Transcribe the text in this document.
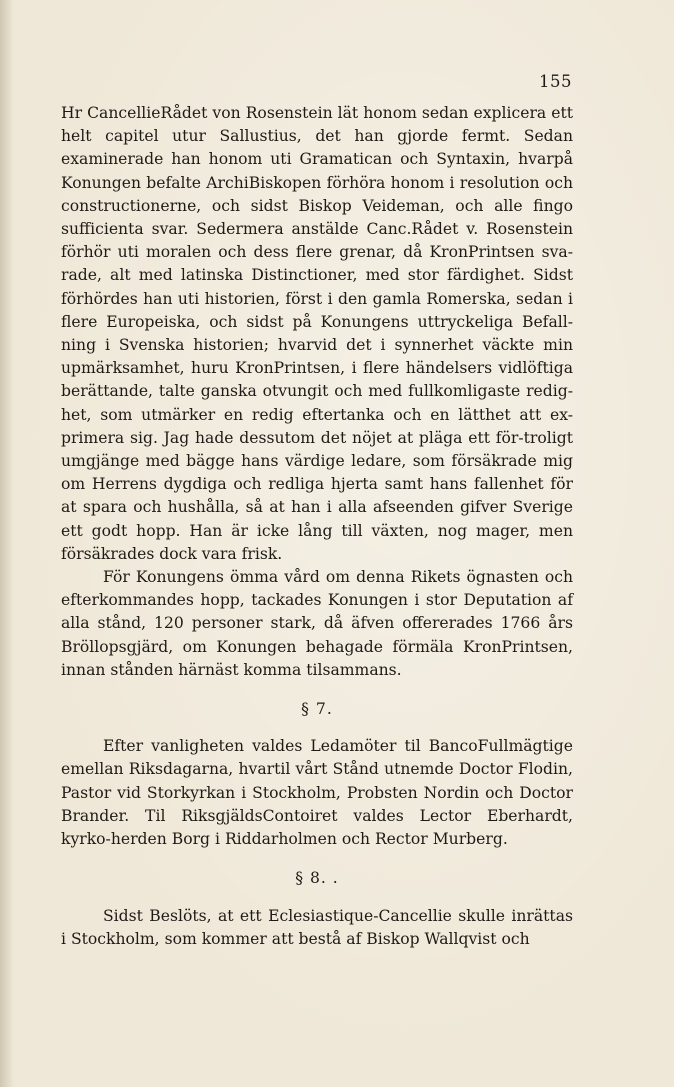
155

Hr CancellieRådet von Rosenstein lät honom sedan explicera ett helt capitel utur Sallustius, det han gjorde fermt. Sedan examinerade han honom uti Gramatican och Syntaxin, hvarpå Konungen befalte ArchiBiskopen förhöra honom i resolution och constructionerne, och sidst Biskop Veideman, och alle fingo sufficienta svar. Sedermera anstälde Canc.Rådet v. Rosenstein förhör uti moralen och dess flere grenar, då KronPrintsen sva-rade, alt med latinska Distinctioner, med stor färdighet. Sidst förhördes han uti historien, först i den gamla Romerska, sedan i flere Europeiska, och sidst på Konungens uttryckeliga Befall-ning i Svenska historien; hvarvid det i synnerhet väckte min upmärksamhet, huru KronPrintsen, i flere händelsers vidlöftiga berättande, talte ganska otvungit och med fullkomligaste redig-het, som utmärker en redig eftertanka och en lätthet att ex-primera sig. Jag hade dessutom det nöjet at pläga ett för-troligt umgjänge med bägge hans värdige ledare, som försäkrade mig om Herrens dygdiga och redliga hjerta samt hans fallenhet för at spara och hushålla, så at han i alla afseenden gifver Sverige ett godt hopp. Han är icke lång till växten, nog mager, men försäkrades dock vara frisk.

För Konungens ömma vård om denna Rikets ögnasten och efterkommandes hopp, tackades Konungen i stor Deputation af alla stånd, 120 personer stark, då äfven offererades 1766 års Bröllopsgjärd, om Konungen behagade förmäla KronPrintsen, innan stånden härnäst komma tilsammans.

§ 7.

Efter vanligheten valdes Ledamöter til BancoFullmägtige emellan Riksdagarna, hvartil vårt Stånd utnemde Doctor Flodin, Pastor vid Storkyrkan i Stockholm, Probsten Nordin och Doctor Brander. Til RiksgjäldsContoiret valdes Lector Eberhardt, kyrko-herden Borg i Riddarholmen och Rector Murberg.

§ 8. .

Sidst Beslöts, at ett Eclesiastique-Cancellie skulle inrättas i Stockholm, som kommer att bestå af Biskop Wallqvist och
